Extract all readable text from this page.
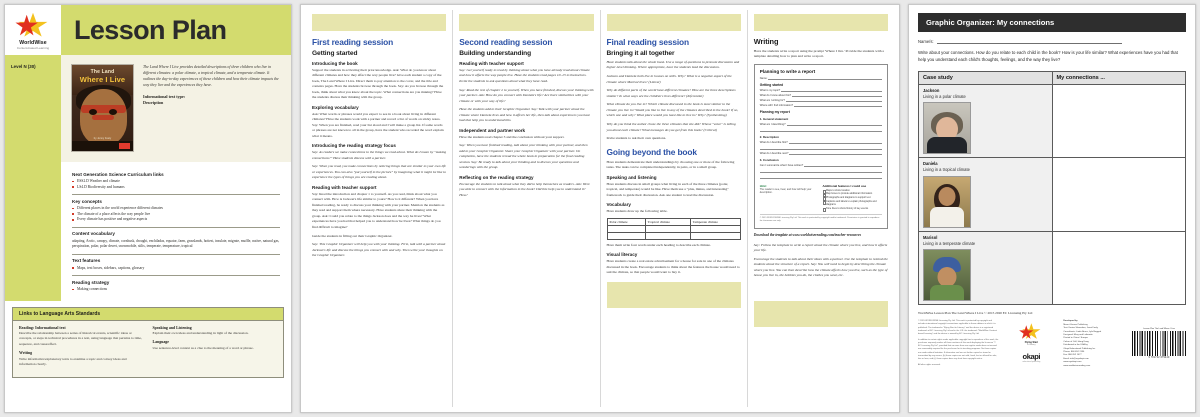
WorldWise
Content-based Learning
Lesson Plan
Level N (30)
The Land
Where I Live
by Jenny Feely

The Land Where I Live provides detailed descriptions of three children who live in different climates: a polar climate, a tropical climate, and a temperate climate. It outlines the day-to-day experiences of these children and how their climate impacts the way they live and the experiences they have.

Informational text type:
Description
Next Generation Science Curriculum links
ESS2.D Weather and climate
LS4.D Biodiversity and humans
Key concepts
Different places in the world experience different climates
The climate of a place affects the way people live
Every climate has positive and negative aspects
Content vocabulary

adapting, Arctic, canopy, climate, cornhusk, drought, enchiladas, equator, farm, grasslands, hottest, insulate, migrate, muffle, native, natural gas, perspiration, polar, polar desert, snowmobile, stilts, temperate, temperature, tropical

Text features
Maps, text boxes, sidebars, captions, glossary
Reading strategy
Making connections
Links to Language Arts Standards
Reading: Informational text

Describe the relationship between a series of historical events, scientific ideas or concepts, or steps in technical procedures in a text, using language that pertains to time, sequence, and cause/effect.

Writing

Write informative/explanatory texts to examine a topic and convey ideas and information clearly.

Speaking and Listening

Explain their own ideas and understanding in light of the discussion.

Language

Use sentence-level context as a clue to the meaning of a word or phrase.

First reading session
Getting started
Introducing the book

Support the students in activating their prior knowledge. Ask: What do you know about different climates and how they affect the way people live? Give each student a copy of the book, The Land Where I Live. Direct them to pay attention to the cover, and the title and contents pages. Have the students browse through the book. Say: As you browse through the book, think about what you know about the topic. What connections are you making? Have the students discuss their thinking with the group.

Exploring vocabulary

Ask: What words or phrases would you expect to see in a book about living in different climates? Have the students work with a partner and record a list of words on sticky notes. Say: When you are finished, read your list aloud and I will make a group list. If some words or phrases are not known to all in the group, have the student who recorded the word explain what it means.

Introducing the reading strategy focus

Say: As readers we make connections to the things we read about. What do I mean by "making connections?" Have students discuss with a partner.

Say: When you read, you make connections by noticing things that are similar to your own life or experiences. You can also "put yourself in the picture" by imagining what it might be like to experience the types of things you are reading about.

Reading with teacher support

Say: Read the introduction and chapter 1 to yourself. As you read, think about what you connect with. How is Jackson's life similar to yours? How is it different? When you have finished reading, be ready to discuss your thinking with your partner. Mention the students as they read and support them where necessary. Have students share their thinking with the group. Ask: Could you relate to the things Jackson does and the way he lives? What experiences have you had that helped you to understand how he lives? What things do you find difficult to imagine?

Guide the students in filling out their Graphic Organizer.

Say: This Graphic Organizer will help you with your thinking. First, talk with a partner about Jackson's life and discuss the things you connect with and why. Then write your thoughts on the Graphic Organizer.

Second reading session
Building understanding
Reading with teacher support

Say: Get yourself ready to read by thinking about what you have already read about climate and how it affects the way people live. Have the students read pages 10–13 to themselves. Invite the students to ask questions about what they have read.

Say: Read the rest of chapter 2 to yourself. When you have finished, discuss your thinking with your partner. Ask: How do you connect with Daniela's life? Are there similarities with your climate or with your way of life?

Have the students add to their Graphic Organizer. Say: Talk with your partner about the climate where Daniela lives and how it affects her life, then talk about experiences you have had that help you to understand this.

Independent and partner work

Have the students read chapter 3 and the conclusion without your support.

Say: When you have finished reading, talk about your thinking with your partner, and then add to your Graphic Organizer. Share your Graphic Organizer with your partner. On completion, have the students reread the whole book in preparation for the final reading session. Say: Be ready to talk about your thinking and to discuss your questions and wonderings with the group.

Reflecting on the reading strategy

Encourage the students to talk about what they did to help themselves as readers. Ask: Were you able to connect with the information in the book? Did this help you to understand it? How?

Final reading session
Bringing it all together

Have students talk about the whole book. Use a range of questions to promote discussion and higher-level thinking. Where appropriate, have the students lead the discussion.

Jackson and Daniela both live in houses on stilts. Why? What is a negative aspect of the climate where Marisol lives? (Literal)

Why do different parts of the world have different climates? How are the three descriptions similar? In what ways are the children's lives different? (Inferential)

What climate do you live in? Which climate discussed in the book is most similar to the climate you live in? Would you like to live in any of the climates described in the book? If so, which one and why? What place would you least like to live in? Why? (Synthesizing)

Why do you think the author chose the three climates that she did? Whose "voice" is telling you about each climate? What messages do you get from this book? (Critical)

Invite students to ask their own questions.

Going beyond the book

Have students demonstrate their understandings by choosing one or more of the following tasks. The tasks can be completed independently, in pairs, or in a small group.

Speaking and listening

Have students discuss in small groups what living in each of the three climates (polar, tropical, and temperate) would be like. Have them use a "plus, minus, and interesting" framework to guide their discussion. Ask one student to lead the discussion.

Vocabulary

Have students draw up the following table.

Polar climate	Tropical climate	Temperate climate

Have them write four words under each heading to describe each climate.

Visual literacy

Have students create a real estate advertisement for a house for sale in one of the climates discussed in the book. Encourage students to think about the features the house would need to suit the climate, so that people would want to buy it.

Writing

Have the students write a report using the prompt 'Where I live.' Provide the students with a template detailing how to plan and write a report.

Planning to write a report
Name:
Getting started
What is my topic?
What do I know about this?
What am I writing for?
Where will I find information?
Planning my report
1. General statement
What am I describing?
2. Description
What do I describe first?
What do I describe next?
3. Conclusion
Can I summarize what I have written?
Hint:
The reader is see, hear, and how will help your description.
Additional features I could use
Maps to show location
Map boxes to provide additional information
Photographs and diagrams to support text
Captions and labels to explain photographs and diagrams
Tone lines to show history of key events
© 2015 WORLDWISE Licensing Pty Ltd. This work is protected by copyright and/or trademark. Permission is granted to reproduce for classroom use only.
Download the template at www.worldwisereading.com/teacher-resources

Say: Follow the template to write a report about the climate where you live, and how it affects your life.

Encourage the students to talk about their ideas with a partner. Use the template to remind the students about the structure of a report. Say: You will need to begin by describing the climate where you live. You can then describe how the climate affects how you live, such as the type of house you live in, the hobbies you do, the clothes you wear, etc.

Graphic Organizer: My connections
Name/s:

Write about your connections. How do you relate to each child in the book? How is your life similar? What experiences have you had that help you understand each child's thoughts, feelings, and the way they live?

Case study	My connections ...

Jackson
Living in a polar climate	

Daniela
Living in a tropical climate	

Marisol
Living in a temperate climate	

WorldWise Lesson Plan The Land Where I Live © 2015 2020 EC Licensing Pty Ltd

© 2015 WORLDWISE Licensing Pty Ltd. This work is protected by copyright and includes international copyright conventions applicable to those editions in which it is published. The trademarks "Flying Start to Literacy" and the device is a registered trademark of EC Licensing Pty Ltd and in the U.S. the trademark "WorldWise Content-based Learning" and the device is owned by EC Licensing Pty Ltd.

In addition to certain rights under applicable copyright law to reproduce of this work, the purchaser expressly makes all those sections of this work displaying the licensure "© EC Licensing Pty Ltd", provided that no more than one regular made does not exceed one reasonably required for the purchaser for its teaching programs. No those copies are made without limitation. If alternative and are not further copied or stored or transmitted by any means, (b) those copies are not sold, hired, lent or offered for sale, hire or loan, and (c) those copies bear any short form copyright notice.

All other rights reserved.

Flying Start
to Literacy
okapi
educational publishing
Developed by
Mount Vernon Publishing
Text: Karina Shanahan, Jenni Feely
Consultants: Linda Bruce, Lyle Baggott
Designed: Mary and Leibowitz
Printed in China / Europe
Colour of Cell, Hong Kong
Distributed in the USA by
Okapi Educational Publishing Inc
Phone: 866 652 7436
Fax: 866 652 1477
Email: info@myokapi.com
www.myokapi.com
www.worldwisereading.com
Lesson Plan The Land Where I Live
9 781742 679440
